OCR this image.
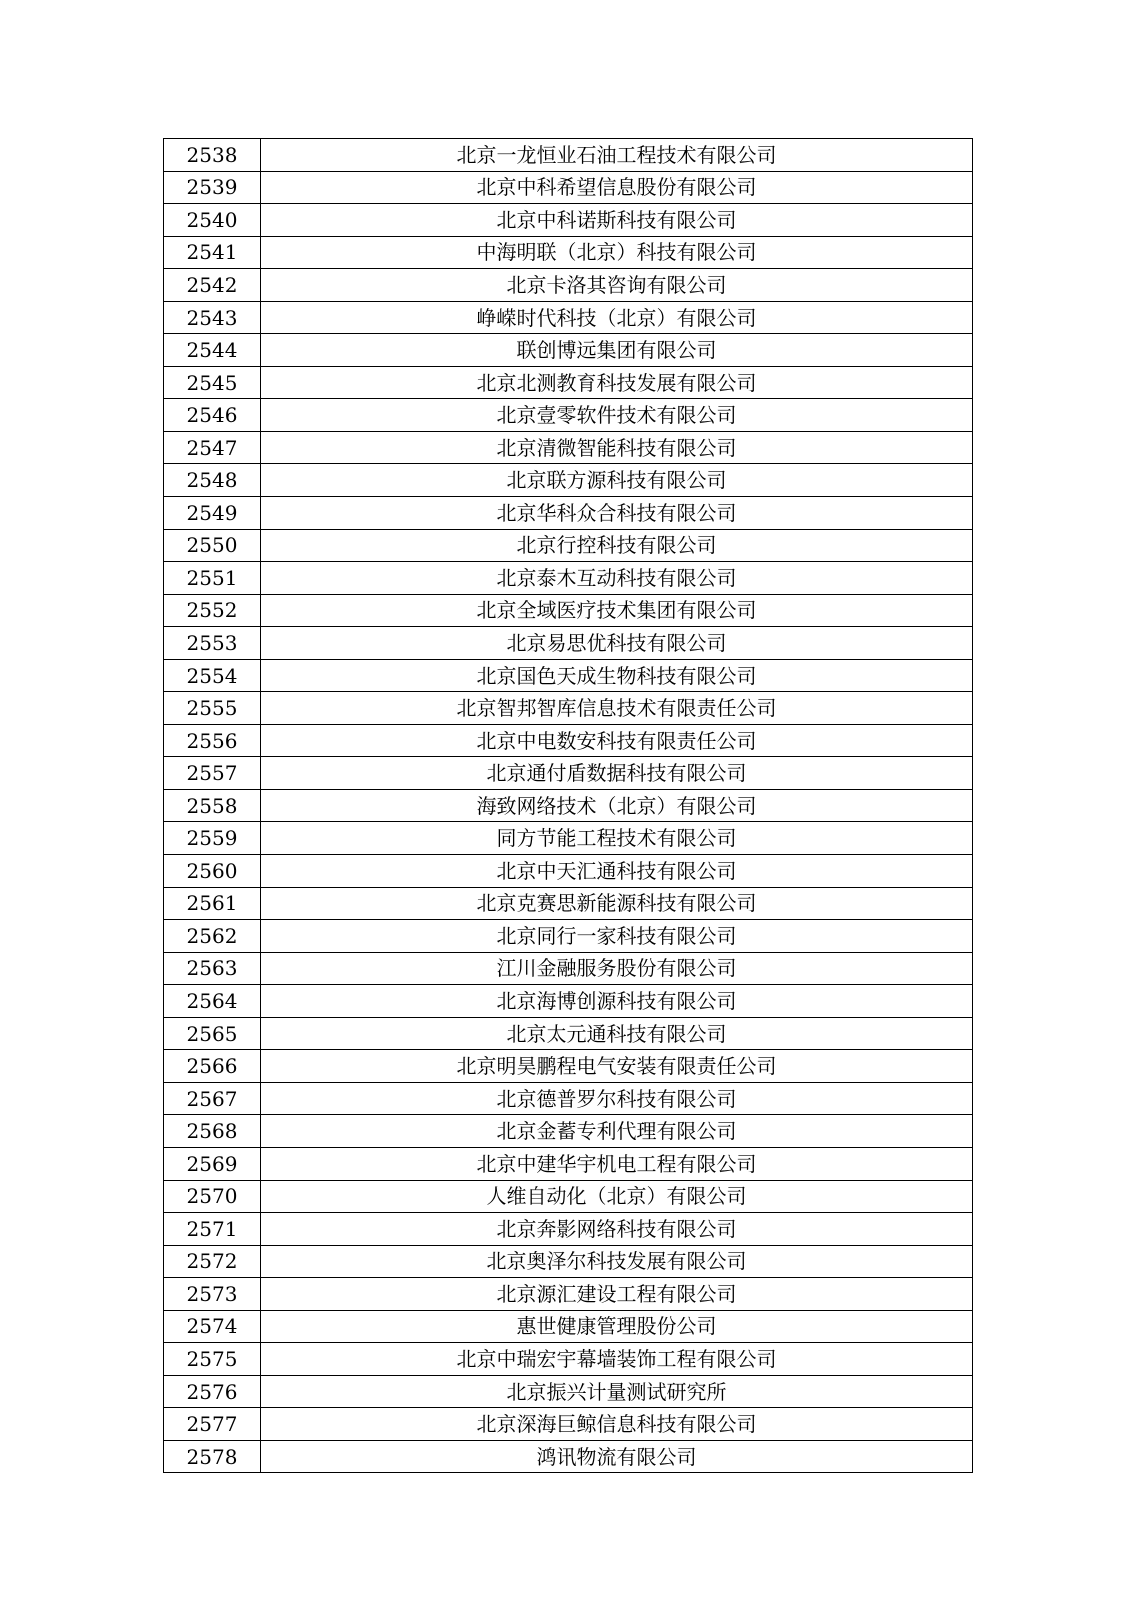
2538	北京一龙恒业石油工程技术有限公司
2539	北京中科希望信息股份有限公司
2540	北京中科诺斯科技有限公司
2541	中海明联（北京）科技有限公司
2542	北京卡洛其咨询有限公司
2543	峥嵘时代科技（北京）有限公司
2544	联创博远集团有限公司
2545	北京北测教育科技发展有限公司
2546	北京壹零软件技术有限公司
2547	北京清微智能科技有限公司
2548	北京联方源科技有限公司
2549	北京华科众合科技有限公司
2550	北京行控科技有限公司
2551	北京泰木互动科技有限公司
2552	北京全域医疗技术集团有限公司
2553	北京易思优科技有限公司
2554	北京国色天成生物科技有限公司
2555	北京智邦智库信息技术有限责任公司
2556	北京中电数安科技有限责任公司
2557	北京通付盾数据科技有限公司
2558	海致网络技术（北京）有限公司
2559	同方节能工程技术有限公司
2560	北京中天汇通科技有限公司
2561	北京克赛思新能源科技有限公司
2562	北京同行一家科技有限公司
2563	江川金融服务股份有限公司
2564	北京海博创源科技有限公司
2565	北京太元通科技有限公司
2566	北京明昊鹏程电气安装有限责任公司
2567	北京德普罗尔科技有限公司
2568	北京金蓄专利代理有限公司
2569	北京中建华宇机电工程有限公司
2570	人维自动化（北京）有限公司
2571	北京奔影网络科技有限公司
2572	北京奥泽尔科技发展有限公司
2573	北京源汇建设工程有限公司
2574	惠世健康管理股份公司
2575	北京中瑞宏宇幕墙装饰工程有限公司
2576	北京振兴计量测试研究所
2577	北京深海巨鲸信息科技有限公司
2578	鸿讯物流有限公司
